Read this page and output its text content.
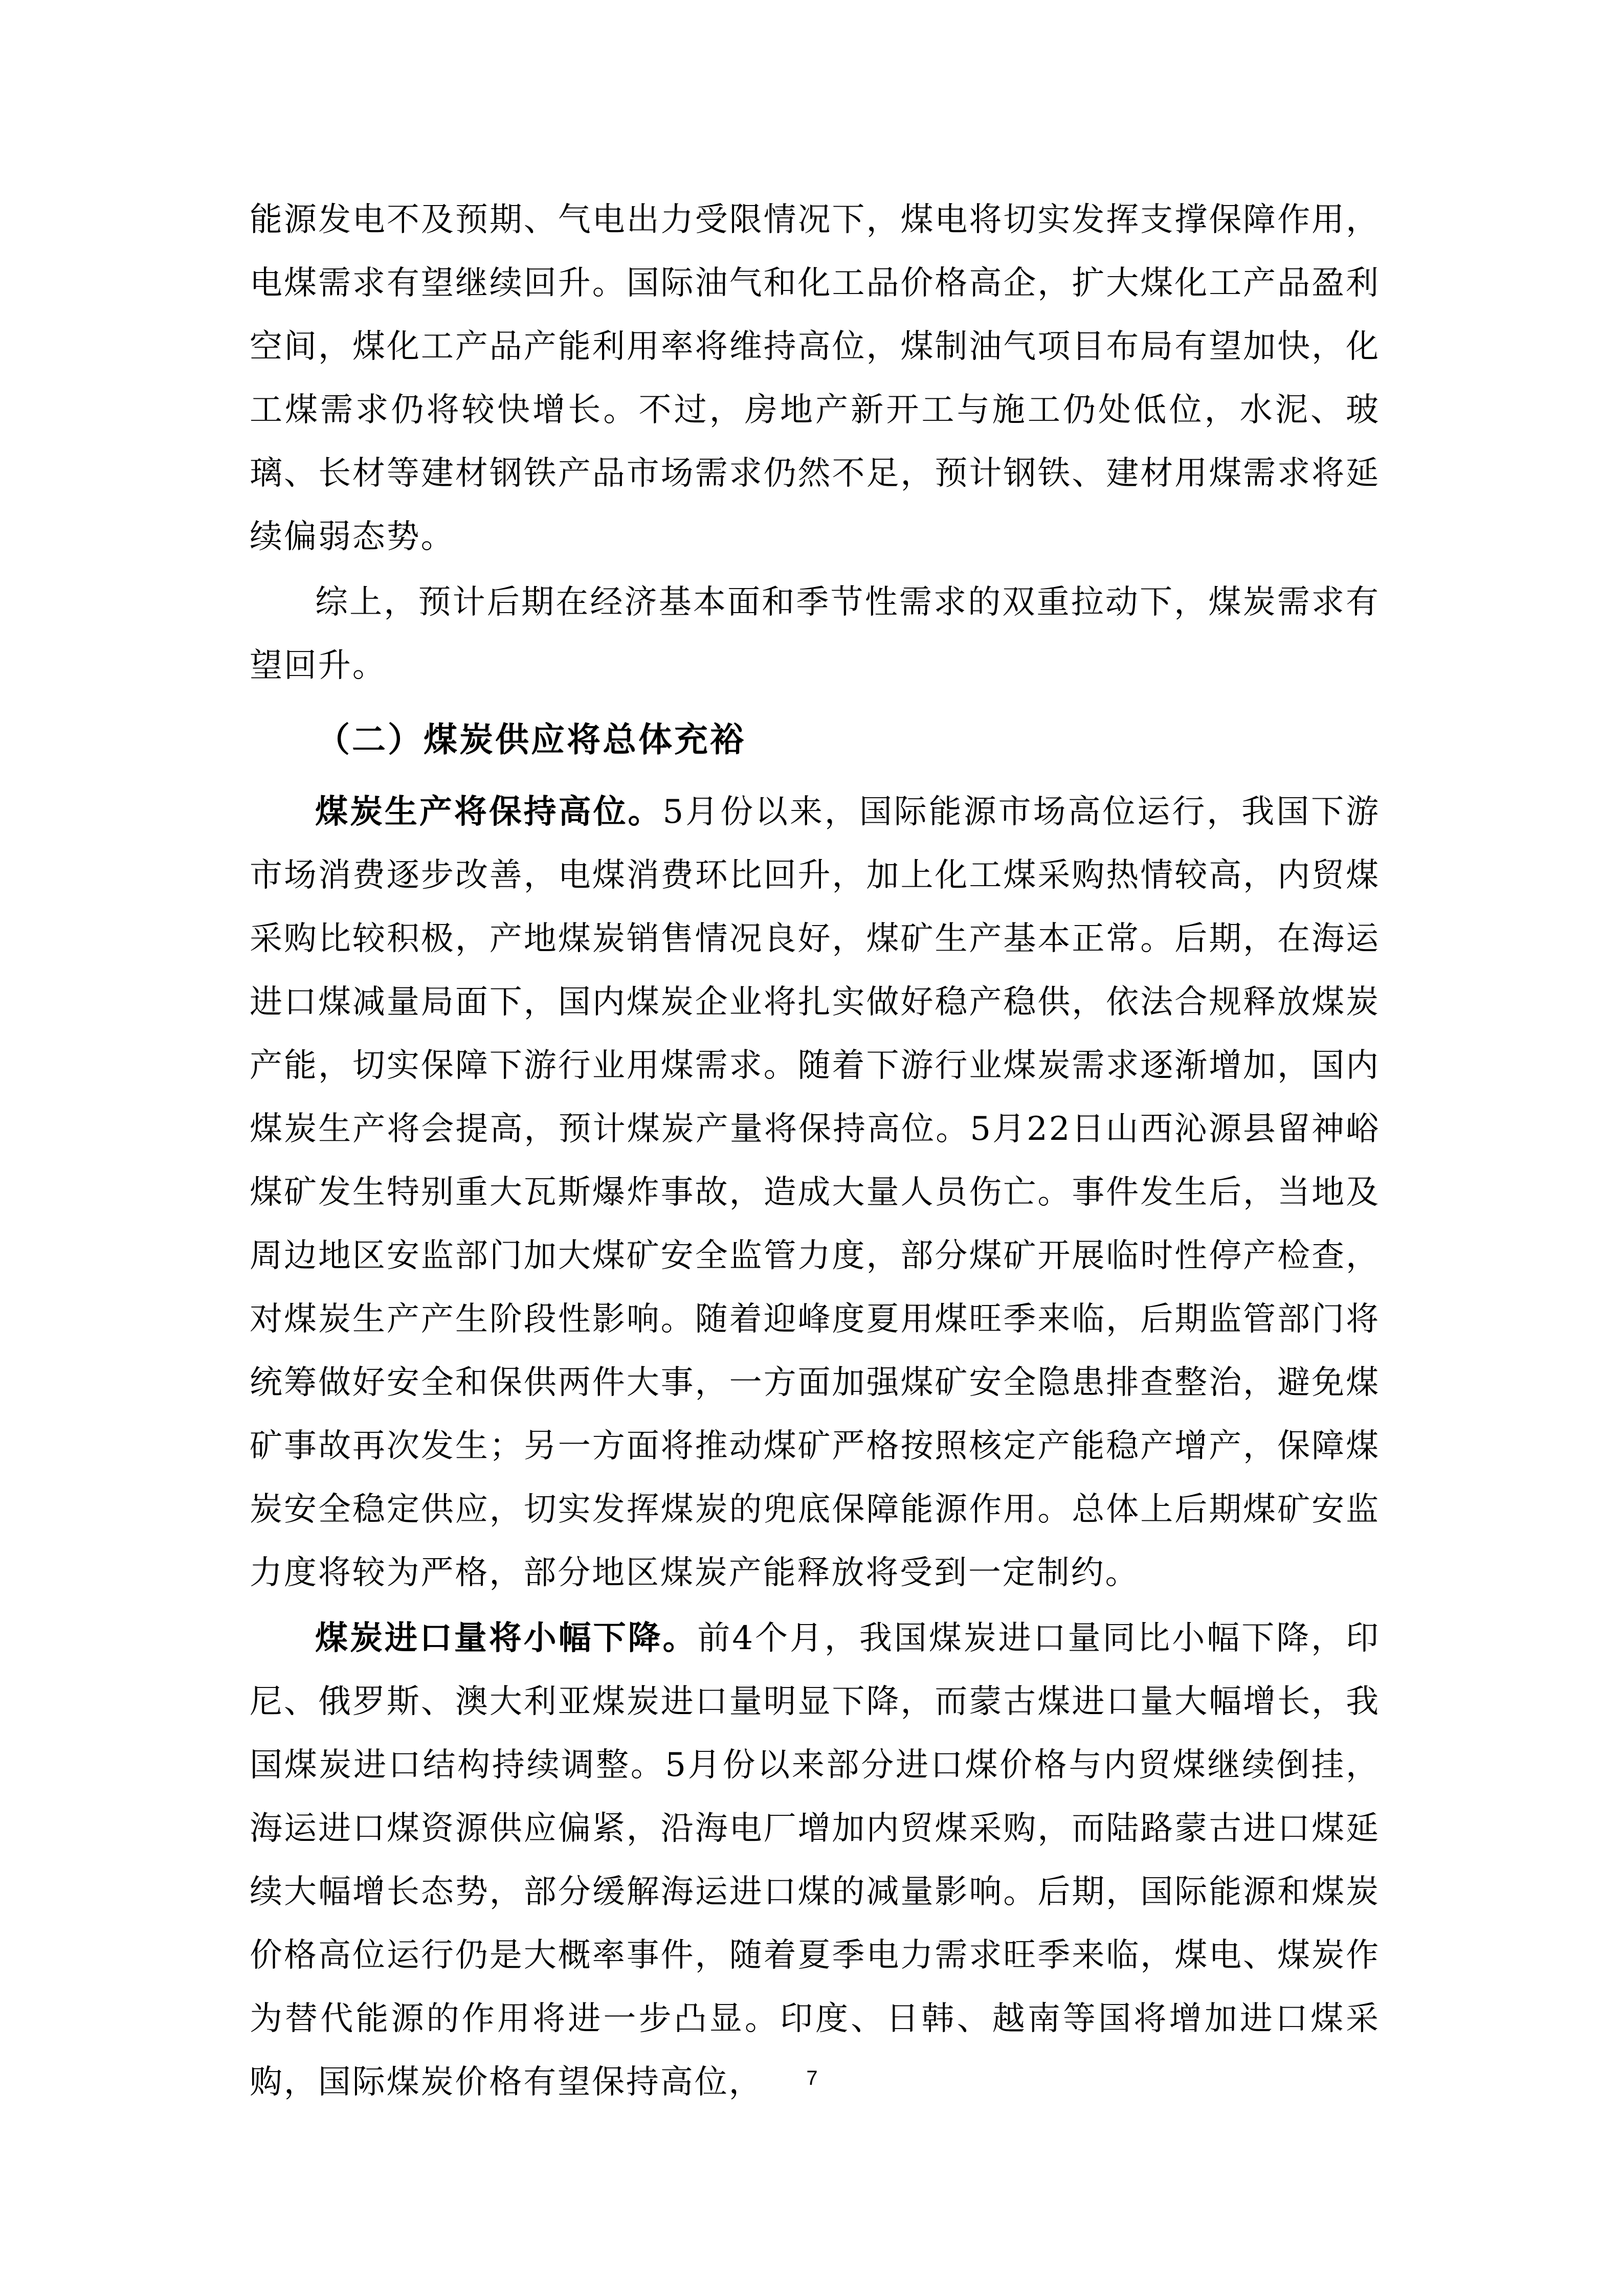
能源发电不及预期、气电出力受限情况下，煤电将切实发挥支撑保障作用，电煤需求有望继续回升。国际油气和化工品价格高企，扩大煤化工产品盈利空间，煤化工产品产能利用率将维持高位，煤制油气项目布局有望加快，化工煤需求仍将较快增长。不过，房地产新开工与施工仍处低位，水泥、玻璃、长材等建材钢铁产品市场需求仍然不足，预计钢铁、建材用煤需求将延续偏弱态势。

综上，预计后期在经济基本面和季节性需求的双重拉动下，煤炭需求有望回升。

（二）煤炭供应将总体充裕

煤炭生产将保持高位。5月份以来，国际能源市场高位运行，我国下游市场消费逐步改善，电煤消费环比回升，加上化工煤采购热情较高，内贸煤采购比较积极，产地煤炭销售情况良好，煤矿生产基本正常。后期，在海运进口煤减量局面下，国内煤炭企业将扎实做好稳产稳供，依法合规释放煤炭产能，切实保障下游行业用煤需求。随着下游行业煤炭需求逐渐增加，国内煤炭生产将会提高，预计煤炭产量将保持高位。5月22日山西沁源县留神峪煤矿发生特别重大瓦斯爆炸事故，造成大量人员伤亡。事件发生后，当地及周边地区安监部门加大煤矿安全监管力度，部分煤矿开展临时性停产检查，对煤炭生产产生阶段性影响。随着迎峰度夏用煤旺季来临，后期监管部门将统筹做好安全和保供两件大事，一方面加强煤矿安全隐患排查整治，避免煤矿事故再次发生；另一方面将推动煤矿严格按照核定产能稳产增产，保障煤炭安全稳定供应，切实发挥煤炭的兜底保障能源作用。总体上后期煤矿安监力度将较为严格，部分地区煤炭产能释放将受到一定制约。

煤炭进口量将小幅下降。前4个月，我国煤炭进口量同比小幅下降，印尼、俄罗斯、澳大利亚煤炭进口量明显下降，而蒙古煤进口量大幅增长，我国煤炭进口结构持续调整。5月份以来部分进口煤价格与内贸煤继续倒挂，海运进口煤资源供应偏紧，沿海电厂增加内贸煤采购，而陆路蒙古进口煤延续大幅增长态势，部分缓解海运进口煤的减量影响。后期，国际能源和煤炭价格高位运行仍是大概率事件，随着夏季电力需求旺季来临，煤电、煤炭作为替代能源的作用将进一步凸显。印度、日韩、越南等国将增加进口煤采购，国际煤炭价格有望保持高位，	7
